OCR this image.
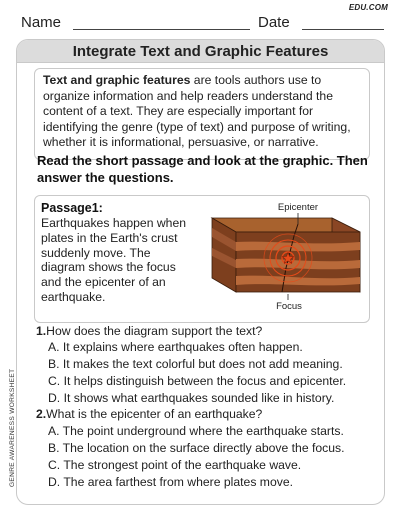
EDU.COM
Name	Date
Integrate Text and Graphic Features
Text and graphic features are tools authors use to organize information and help readers understand the content of a text. They are especially important for identifying the genre (type of text) and purpose of writing, whether it is informational, persuasive, or narrative.
Read the short passage and look at the graphic. Then answer the questions.
Passage1:
Earthquakes happen when plates in the Earth's crust suddenly move. The diagram shows the focus and the epicenter of an earthquake.
Epicenter
Focus
1.How does the diagram support the text?
A. It explains where earthquakes often happen.
B. It makes the text colorful but does not add meaning.
C. It helps distinguish between the focus and epicenter.
D. It shows what earthquakes sounded like in history.
2.What is the epicenter of an earthquake?
A. The point underground where the earthquake starts.
B. The location on the surface directly above the focus.
C. The strongest point of the earthquake wave.
D. The area farthest from where plates move.
GENRE AWARENESS WORKSHEET
